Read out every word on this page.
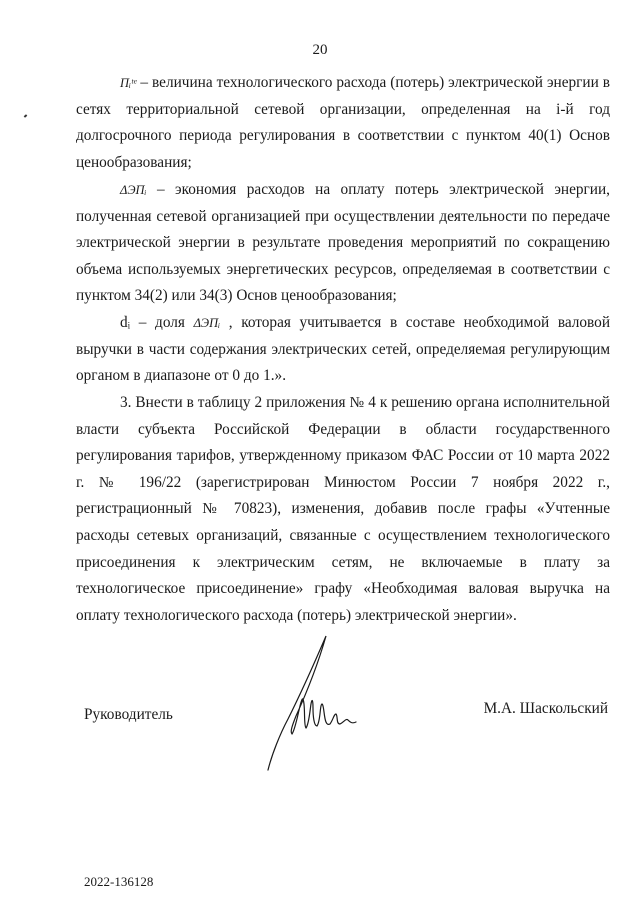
20

Пᵢᵗᵉ – величина технологического расхода (потерь) электрической энергии в сетях территориальной сетевой организации, определенная на i-й год долгосрочного периода регулирования в соответствии с пунктом 40(1) Основ ценообразования;

ΔЭПᵢ – экономия расходов на оплату потерь электрической энергии, полученная сетевой организацией при осуществлении деятельности по передаче электрической энергии в результате проведения мероприятий по сокращению объема используемых энергетических ресурсов, определяемая в соответствии с пунктом 34(2) или 34(3) Основ ценообразования;

dᵢ – доля ΔЭПᵢ , которая учитывается в составе необходимой валовой выручки в части содержания электрических сетей, определяемая регулирующим органом в диапазоне от 0 до 1.».

3. Внести в таблицу 2 приложения № 4 к решению органа исполнительной власти субъекта Российской Федерации в области государственного регулирования тарифов, утвержденному приказом ФАС России от 10 марта 2022 г. № 196/22 (зарегистрирован Минюстом России 7 ноября 2022 г., регистрационный № 70823), изменения, добавив после графы «Учтенные расходы сетевых организаций, связанные с осуществлением технологического присоединения к электрическим сетям, не включаемые в плату за технологическое присоединение» графу «Необходимая валовая выручка на оплату технологического расхода (потерь) электрической энергии».

Руководитель	М.А. Шаскольский
2022-136128
